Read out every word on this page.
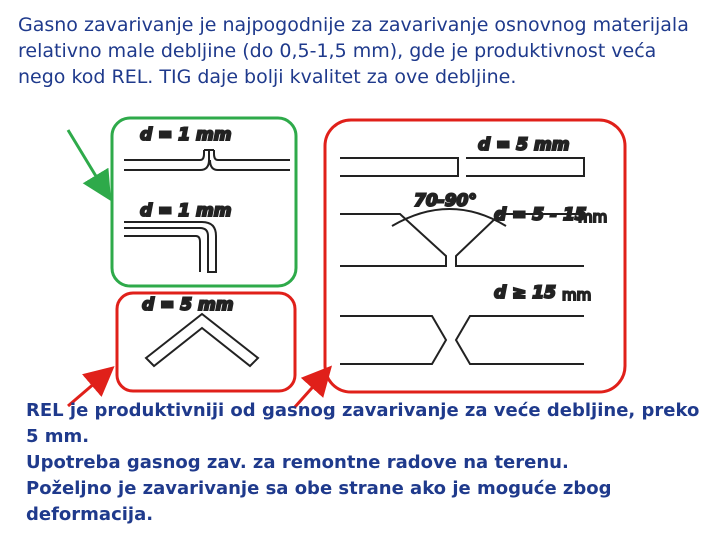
Gasno zavarivanje je najpogodnije za zavarivanje osnovnog materijala relativno male debljine (do 0,5-1,5 mm), gde je produktivnost veća nego kod REL. TIG daje bolji kvalitet za ove debljine.

d = 1 mm
d = 1 mm
d = 5 mm
d = 5 mm
70-90°
d = 5 - 15
mm
d ≥ 15 mm
REL je produktivniji od gasnog zavarivanje za veće debljine, preko 5 mm.
Upotreba gasnog zav. za remontne radove na terenu.
Poželjno je zavarivanje sa obe strane ako je moguće zbog deformacija.
